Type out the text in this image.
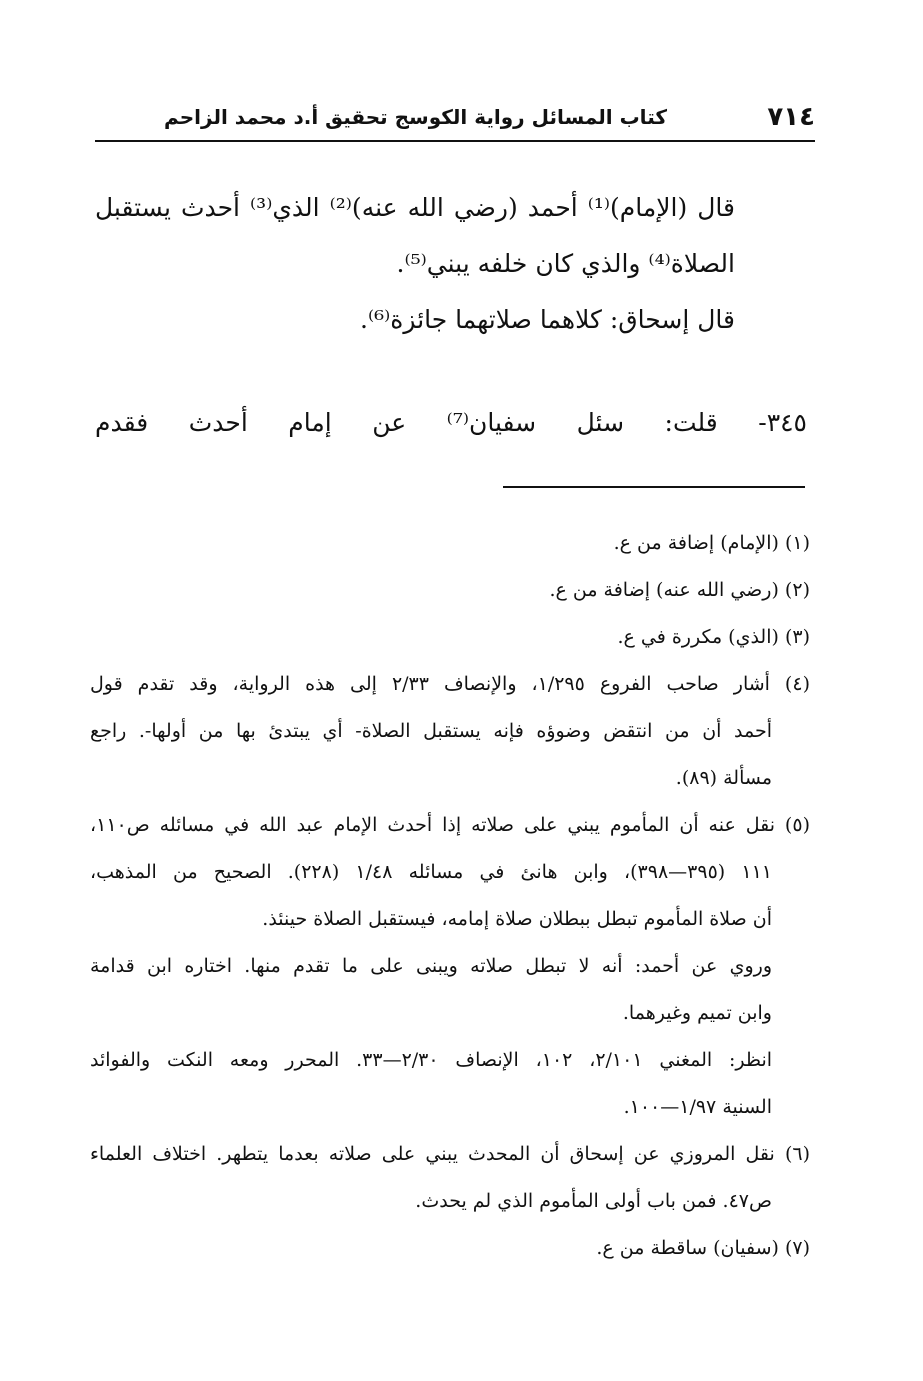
٧١٤
كتاب المسائل رواية الكوسج تحقيق أ.د محمد الزاحم
قال (الإمام)⁽¹⁾ أحمد (رضي الله عنه)⁽²⁾ الذي⁽³⁾ أحدث يستقبل
الصلاة⁽⁴⁾ والذي كان خلفه يبني⁽⁵⁾.
قال إسحاق: كلاهما صلاتهما جائزة⁽⁶⁾.
٣٤٥- قلت: سئل سفيان⁽⁷⁾ عن إمام أحدث فقدم
(١) (الإمام) إضافة من ع.
(٢) (رضي الله عنه) إضافة من ع.
(٣) (الذي) مكررة في ع.
(٤) أشار صاحب الفروع ١/٢٩٥، والإنصاف ٢/٣٣ إلى هذه الرواية، وقد تقدم قول
أحمد أن من انتقض وضوؤه فإنه يستقبل الصلاة- أي يبتدئ بها من أولها-. راجع
مسألة (٨٩).
(٥) نقل عنه أن المأموم يبني على صلاته إذا أحدث الإمام عبد الله في مسائله ص١١٠،
١١١ (٣٩٥—٣٩٨)، وابن هانئ في مسائله ١/٤٨ (٢٢٨). الصحيح من المذهب،
أن صلاة المأموم تبطل ببطلان صلاة إمامه، فيستقبل الصلاة حينئذ.
وروي عن أحمد: أنه لا تبطل صلاته ويبنى على ما تقدم منها. اختاره ابن قدامة
وابن تميم وغيرهما.
انظر: المغني ٢/١٠١، ١٠٢، الإنصاف ٢/٣٠—٣٣. المحرر ومعه النكت والفوائد
السنية ١/٩٧—١٠٠.
(٦) نقل المروزي عن إسحاق أن المحدث يبني على صلاته بعدما يتطهر. اختلاف العلماء
ص٤٧. فمن باب أولى المأموم الذي لم يحدث.
(٧) (سفيان) ساقطة من ع.
